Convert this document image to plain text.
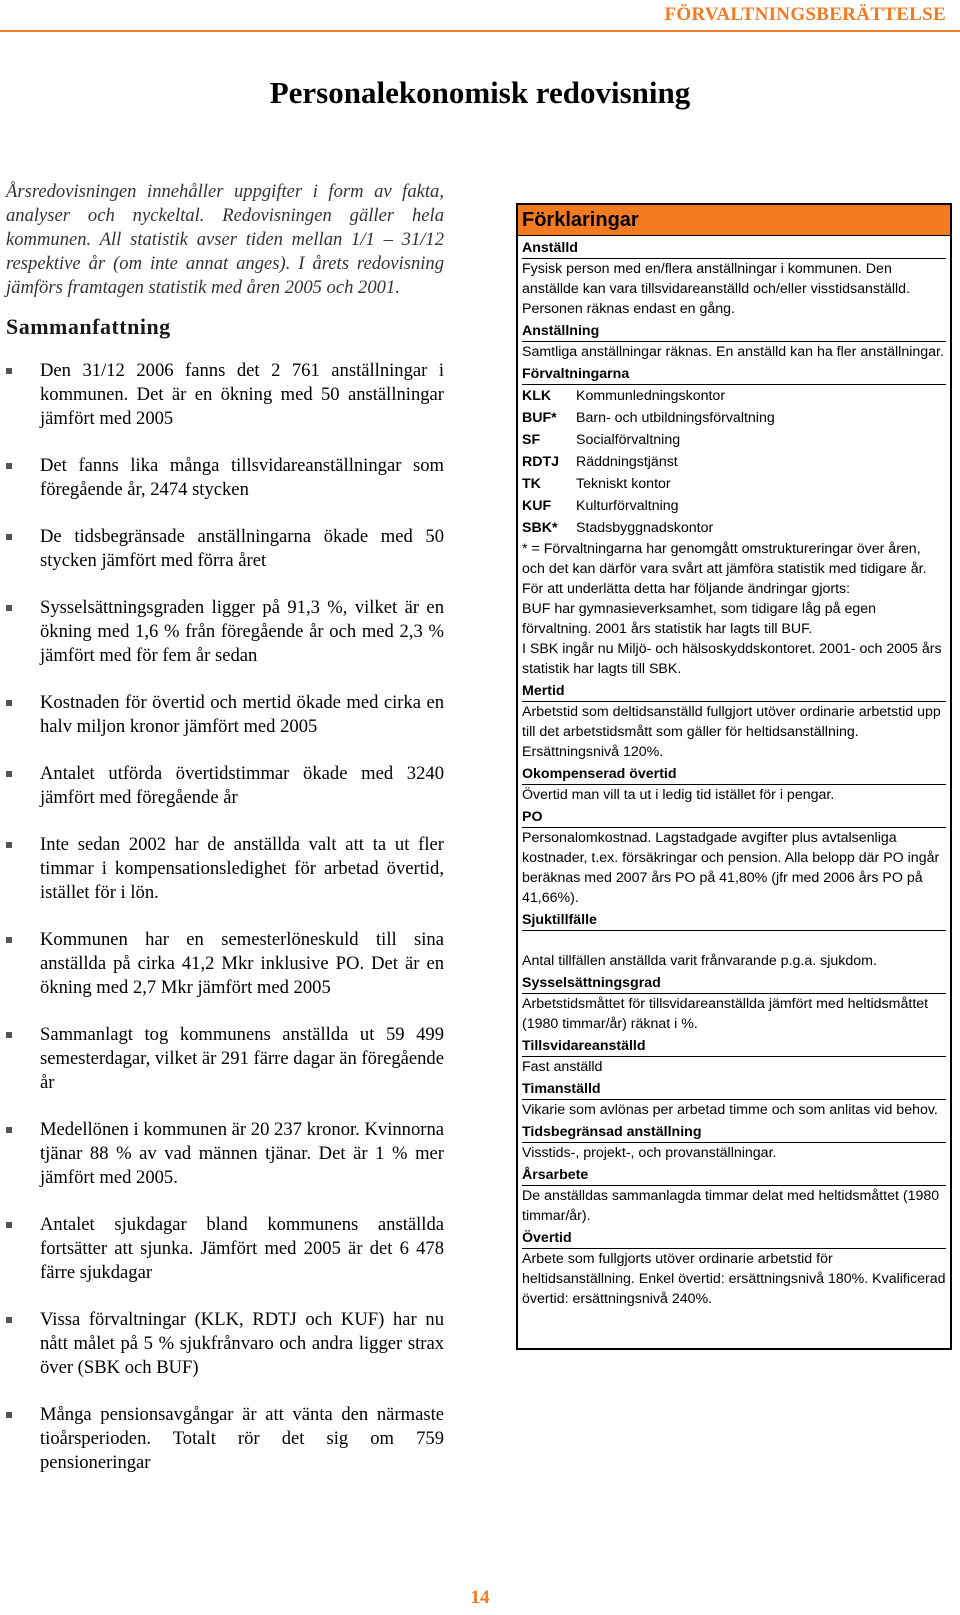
FÖRVALTNINGSBERÄTTELSE
Personalekonomisk redovisning

Årsredovisningen innehåller uppgifter i form av fakta, analyser och nyckeltal. Redovisningen gäller hela kommunen. All statistik avser tiden mellan 1/1 – 31/12 respektive år (om inte annat anges). I årets redovisning jämförs framtagen statistik med åren 2005 och 2001.

Sammanfattning
Den 31/12 2006 fanns det 2 761 anställningar i kommunen. Det är en ökning med 50 anställningar jämfört med 2005
Det fanns lika många tillsvidareanställningar som föregående år, 2474 stycken
De tidsbegränsade anställningarna ökade med 50 stycken jämfört med förra året
Sysselsättningsgraden ligger på 91,3 %, vilket är en ökning med 1,6 % från föregående år och med 2,3 % jämfört med för fem år sedan
Kostnaden för övertid och mertid ökade med cirka en halv miljon kronor jämfört med 2005
Antalet utförda övertidstimmar ökade med 3240 jämfört med föregående år
Inte sedan 2002 har de anställda valt att ta ut fler timmar i kompensationsledighet för arbetad övertid, istället för i lön.
Kommunen har en semesterlöneskuld till sina anställda på cirka 41,2 Mkr inklusive PO. Det är en ökning med 2,7 Mkr jämfört med 2005
Sammanlagt tog kommunens anställda ut 59 499 semesterdagar, vilket är 291 färre dagar än föregående år
Medellönen i kommunen är 20 237 kronor. Kvinnorna tjänar 88 % av vad männen tjänar. Det är 1 % mer jämfört med 2005.
Antalet sjukdagar bland kommunens anställda fortsätter att sjunka. Jämfört med 2005 är det 6 478 färre sjukdagar
Vissa förvaltningar (KLK, RDTJ och KUF) har nu nått målet på 5 % sjukfrånvaro och andra ligger strax över (SBK och BUF)
Många pensionsavgångar är att vänta den närmaste tioårsperioden. Totalt rör det sig om 759 pensioneringar
Förklaringar
Anställd
Fysisk person med en/flera anställningar i kommunen. Den anställde kan vara tillsvidareanställd och/eller visstidsanställd. Personen räknas endast en gång.
Anställning
Samtliga anställningar räknas. En anställd kan ha fler anställningar.
Förvaltningarna
KLK	Kommunledningskontor
BUF*	Barn- och utbildningsförvaltning
SF	Socialförvaltning
RDTJ	Räddningstjänst
TK	Tekniskt kontor
KUF	Kulturförvaltning
SBK*	Stadsbyggnadskontor
* = Förvaltningarna har genomgått omstruktureringar över åren, och det kan därför vara svårt att jämföra statistik med tidigare år. För att underlätta detta har följande ändringar gjorts:
BUF har gymnasieverksamhet, som tidigare låg på egen förvaltning. 2001 års statistik har lagts till BUF.
I SBK ingår nu Miljö- och hälsoskyddskontoret. 2001- och 2005 års statistik har lagts till SBK.
Mertid
Arbetstid som deltidsanställd fullgjort utöver ordinarie arbetstid upp till det arbetstidsmått som gäller för heltidsanställning. Ersättningsnivå 120%.
Okompenserad övertid
Övertid man vill ta ut i ledig tid istället för i pengar.
PO
Personalomkostnad. Lagstadgade avgifter plus avtalsenliga kostnader, t.ex. försäkringar och pension. Alla belopp där PO ingår beräknas med 2007 års PO på 41,80% (jfr med 2006 års PO på 41,66%).
Sjuktillfälle
Antal tillfällen anställda varit frånvarande p.g.a. sjukdom.
Sysselsättningsgrad
Arbetstidsmåttet för tillsvidareanställda jämfört med heltidsmåttet (1980 timmar/år) räknat i %.
Tillsvidareanställd
Fast anställd
Timanställd
Vikarie som avlönas per arbetad timme och som anlitas vid behov.
Tidsbegränsad anställning
Visstids-, projekt-, och provanställningar.
Årsarbete
De anställdas sammanlagda timmar delat med heltidsmåttet (1980 timmar/år).
Övertid
Arbete som fullgjorts utöver ordinarie arbetstid för heltidsanställning. Enkel övertid: ersättningsnivå 180%. Kvalificerad övertid: ersättningsnivå 240%.
14
